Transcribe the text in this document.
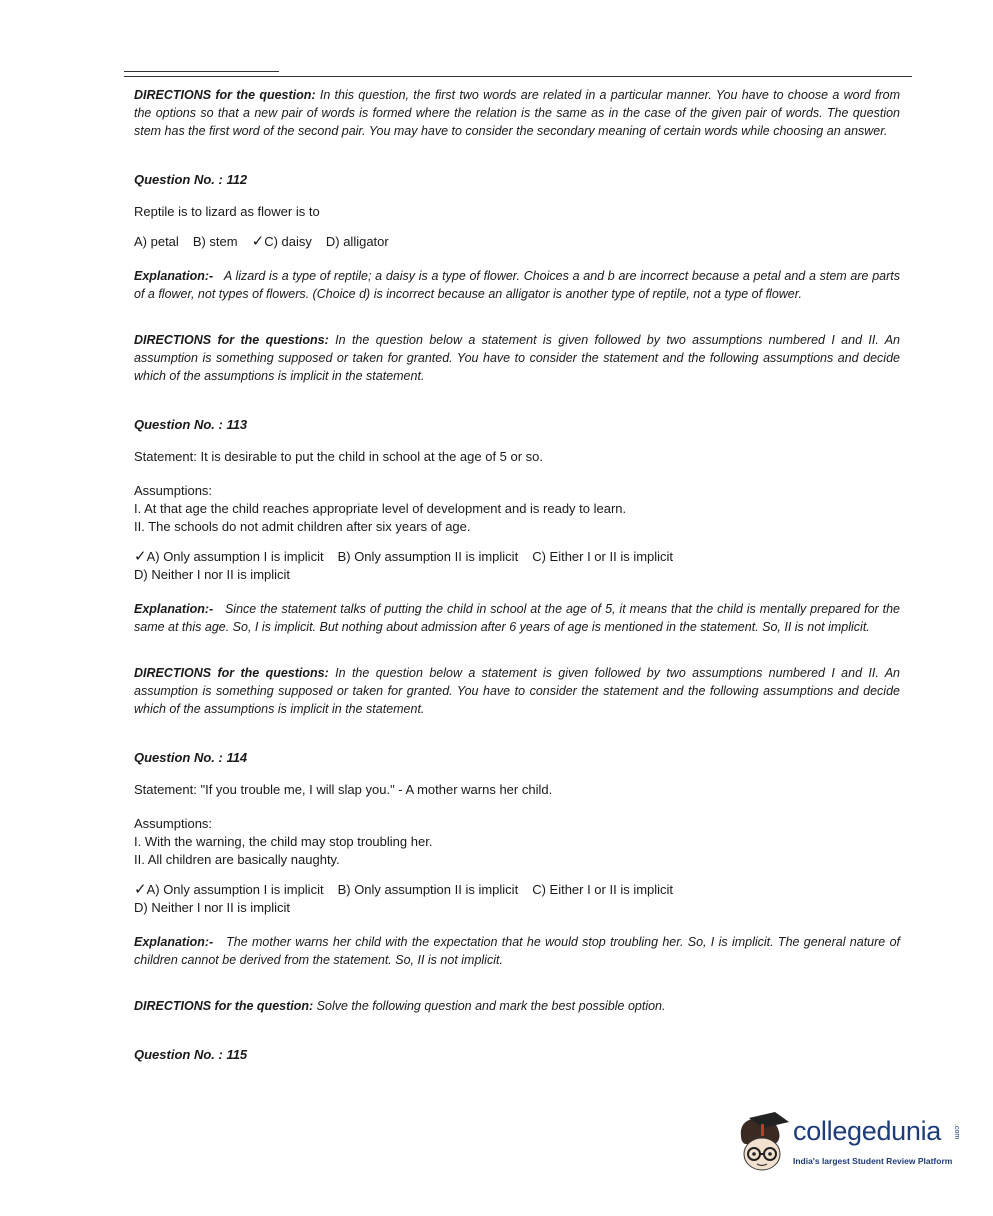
DIRECTIONS for the question: In this question, the first two words are related in a particular manner. You have to choose a word from the options so that a new pair of words is formed where the relation is the same as in the case of the given pair of words. The question stem has the first word of the second pair. You may have to consider the secondary meaning of certain words while choosing an answer.

Question No. : 112

Reptile is to lizard as flower is to

A) petal B) stem ✓C) daisy D) alligator

Explanation:- A lizard is a type of reptile; a daisy is a type of flower. Choices a and b are incorrect because a petal and a stem are parts of a flower, not types of flowers. (Choice d) is incorrect because an alligator is another type of reptile, not a type of flower.

DIRECTIONS for the questions: In the question below a statement is given followed by two assumptions numbered I and II. An assumption is something supposed or taken for granted. You have to consider the statement and the following assumptions and decide which of the assumptions is implicit in the statement.

Question No. : 113

Statement: It is desirable to put the child in school at the age of 5 or so.

Assumptions:

I. At that age the child reaches appropriate level of development and is ready to learn.

II. The schools do not admit children after six years of age.

✓A) Only assumption I is implicit B) Only assumption II is implicit C) Either I or II is implicit

D) Neither I nor II is implicit

Explanation:- Since the statement talks of putting the child in school at the age of 5, it means that the child is mentally prepared for the same at this age. So, I is implicit. But nothing about admission after 6 years of age is mentioned in the statement. So, II is not implicit.

DIRECTIONS for the questions: In the question below a statement is given followed by two assumptions numbered I and II. An assumption is something supposed or taken for granted. You have to consider the statement and the following assumptions and decide which of the assumptions is implicit in the statement.

Question No. : 114

Statement: "If you trouble me, I will slap you." - A mother warns her child.

Assumptions:

I. With the warning, the child may stop troubling her.

II. All children are basically naughty.

✓A) Only assumption I is implicit B) Only assumption II is implicit C) Either I or II is implicit

D) Neither I nor II is implicit

Explanation:- The mother warns her child with the expectation that he would stop troubling her. So, I is implicit. The general nature of children cannot be derived from the statement. So, II is not implicit.

DIRECTIONS for the question: Solve the following question and mark the best possible option.

Question No. : 115

collegedunia .com
India's largest Student Review Platform
